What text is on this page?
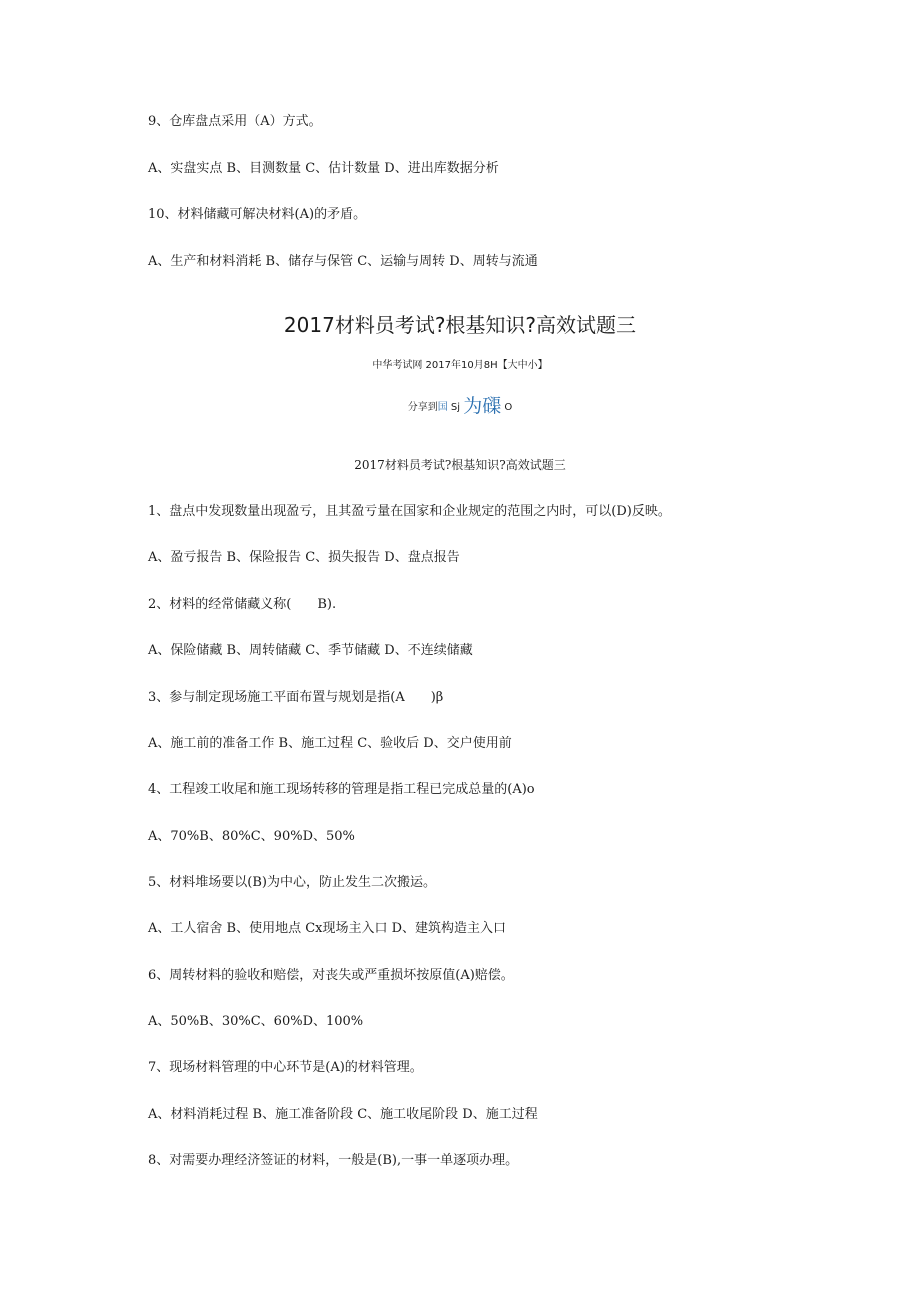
9、仓库盘点采用（A）方式。
A、实盘实点 B、目测数量 C、估计数量 D、进出库数据分析
10、材料储藏可解决材料(A)的矛盾。
A、生产和材料消耗 B、储存与保管 C、运输与周转 D、周转与流通
2017材料员考试?根基知识?高效试题三
中华考试网 2017年10月8H【大中小】
分享到国 Sj 为磲 O
2017材料员考试?根基知识?高效试题三
1、盘点中发现数量出现盈亏，且其盈亏量在国家和企业规定的范围之内时，可以(D)反映。
A、盈亏报告 B、保险报告 C、损失报告 D、盘点报告
2、材料的经常储藏义称(　　B).
A、保险储藏 B、周转储藏 C、季节储藏 D、不连续储藏
3、参与制定现场施工平面布置与规划是指(A　　)β
A、施工前的准备工作 B、施工过程 C、验收后 D、交户使用前
4、工程竣工收尾和施工现场转移的管理是指工程已完成总量的(A)o
A、70%B、80%C、90%D、50%
5、材料堆场要以(B)为中心，防止发生二次搬运。
A、工人宿舍 B、使用地点 Cx现场主入口 D、建筑构造主入口
6、周转材料的验收和赔偿，对丧失或严重损坏按原值(A)赔偿。
A、50%B、30%C、60%D、100%
7、现场材料管理的中心环节是(A)的材料管理。
A、材料消耗过程 B、施工准备阶段 C、施工收尾阶段 D、施工过程
8、对需要办理经济签证的材料，一般是(B),一事一单逐项办理。
